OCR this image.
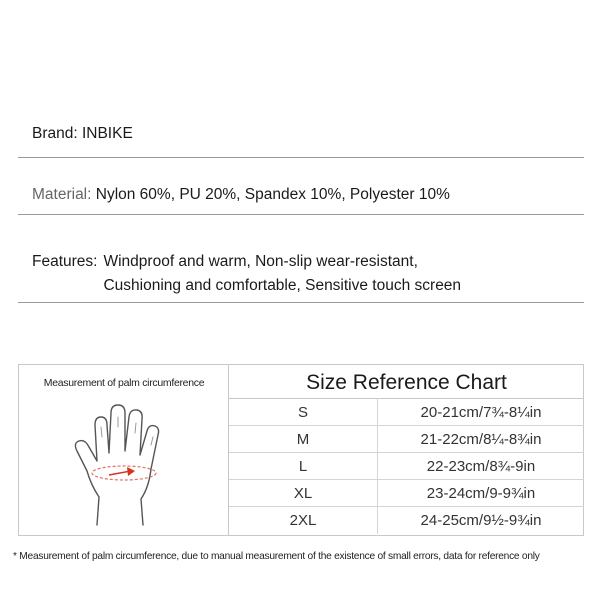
Brand: INBIKE
Material: Nylon 60%, PU 20%, Spandex 10%, Polyester 10%
Features: Windproof and warm, Non-slip wear-resistant,
Cushioning and comfortable, Sensitive touch screen
Measurement of palm circumference	Size Reference Chart
S	20-21cm/7¾-8¼in
M	21-22cm/8¼-8¾in
L	22-23cm/8¾-9in
XL	23-24cm/9-9¾in
2XL	24-25cm/9½-9¾in
* Measurement of palm circumference, due to manual measurement of the existence of small errors, data for reference only
